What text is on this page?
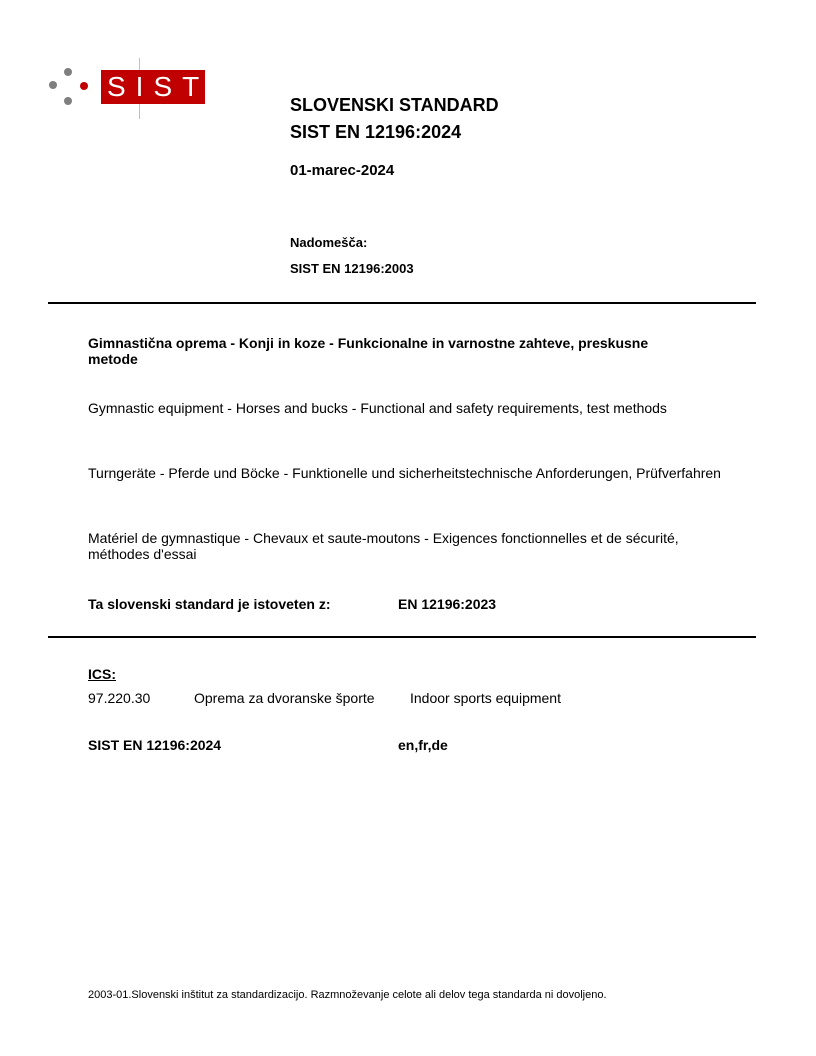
SIST
SLOVENSKI STANDARD
SIST EN 12196:2024
01-marec-2024
Nadomešča:
SIST EN 12196:2003
Gimnastična oprema - Konji in koze - Funkcionalne in varnostne zahteve, preskusne metode
Gymnastic equipment - Horses and bucks - Functional and safety requirements, test methods
Turngeräte - Pferde und Böcke - Funktionelle und sicherheitstechnische Anforderungen, Prüfverfahren
Matériel de gymnastique - Chevaux et saute-moutons - Exigences fonctionnelles et de sécurité, méthodes d'essai
Ta slovenski standard je istoveten z:	EN 12196:2023
ICS:
97.220.30	Oprema za dvoranske športe	Indoor sports equipment
SIST EN 12196:2024	en,fr,de
2003-01.Slovenski inštitut za standardizacijo. Razmnoževanje celote ali delov tega standarda ni dovoljeno.
